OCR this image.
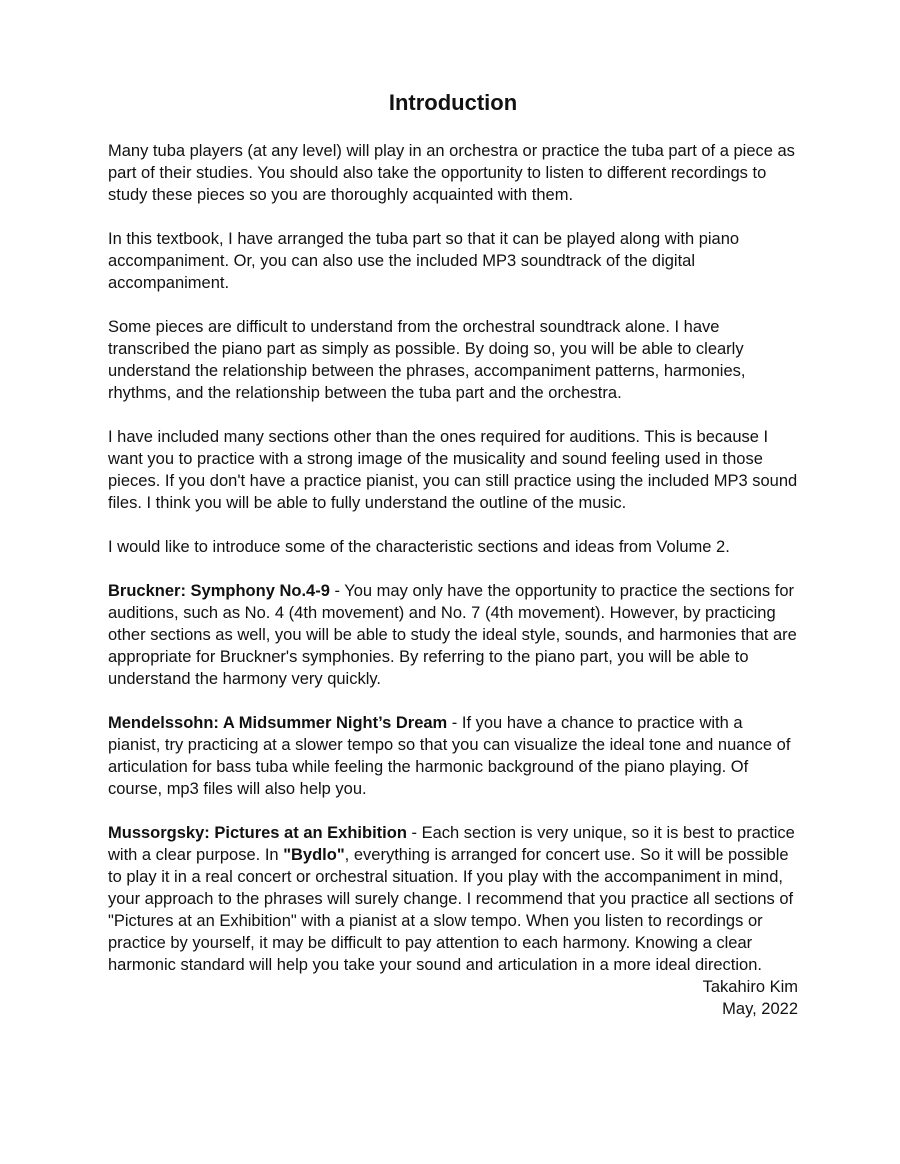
Introduction

Many tuba players (at any level) will play in an orchestra or practice the tuba part of a piece as part of their studies. You should also take the opportunity to listen to different recordings to study these pieces so you are thoroughly acquainted with them.

In this textbook, I have arranged the tuba part so that it can be played along with piano accompaniment. Or, you can also use the included MP3 soundtrack of the digital accompaniment.

Some pieces are difficult to understand from the orchestral soundtrack alone. I have transcribed the piano part as simply as possible. By doing so, you will be able to clearly understand the relationship between the phrases, accompaniment patterns, harmonies, rhythms, and the relationship between the tuba part and the orchestra.

I have included many sections other than the ones required for auditions. This is because I want you to practice with a strong image of the musicality and sound feeling used in those pieces. If you don't have a practice pianist, you can still practice using the included MP3 sound files. I think you will be able to fully understand the outline of the music.

I would like to introduce some of the characteristic sections and ideas from Volume 2.

Bruckner: Symphony No.4-9 - You may only have the opportunity to practice the sections for auditions, such as No. 4 (4th movement) and No. 7 (4th movement). However, by practicing other sections as well, you will be able to study the ideal style, sounds, and harmonies that are appropriate for Bruckner's symphonies. By referring to the piano part, you will be able to understand the harmony very quickly.

Mendelssohn: A Midsummer Night’s Dream - If you have a chance to practice with a pianist, try practicing at a slower tempo so that you can visualize the ideal tone and nuance of articulation for bass tuba while feeling the harmonic background of the piano playing. Of course, mp3 files will also help you.

Mussorgsky: Pictures at an Exhibition - Each section is very unique, so it is best to practice with a clear purpose. In "Bydlo", everything is arranged for concert use. So it will be possible to play it in a real concert or orchestral situation. If you play with the accompaniment in mind, your approach to the phrases will surely change. I recommend that you practice all sections of "Pictures at an Exhibition" with a pianist at a slow tempo. When you listen to recordings or practice by yourself, it may be difficult to pay attention to each harmony. Knowing a clear harmonic standard will help you take your sound and articulation in a more ideal direction.

Takahiro Kim
May, 2022
